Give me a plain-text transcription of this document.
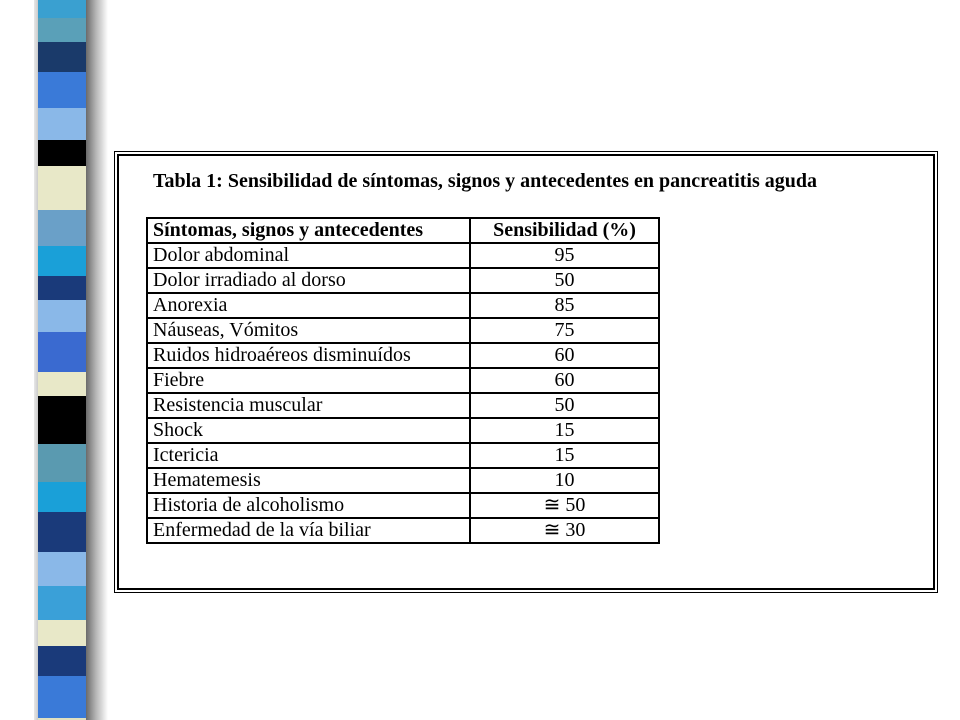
Tabla 1: Sensibilidad de síntomas, signos y antecedentes en pancreatitis aguda
Síntomas, signos y antecedentes	Sensibilidad (%)
Dolor abdominal	95
Dolor irradiado al dorso	50
Anorexia	85
Náuseas, Vómitos	75
Ruidos hidroaéreos disminuídos	60
Fiebre	60
Resistencia muscular	50
Shock	15
Ictericia	15
Hematemesis	10
Historia de alcoholismo	≅ 50
Enfermedad de la vía biliar	≅ 30
